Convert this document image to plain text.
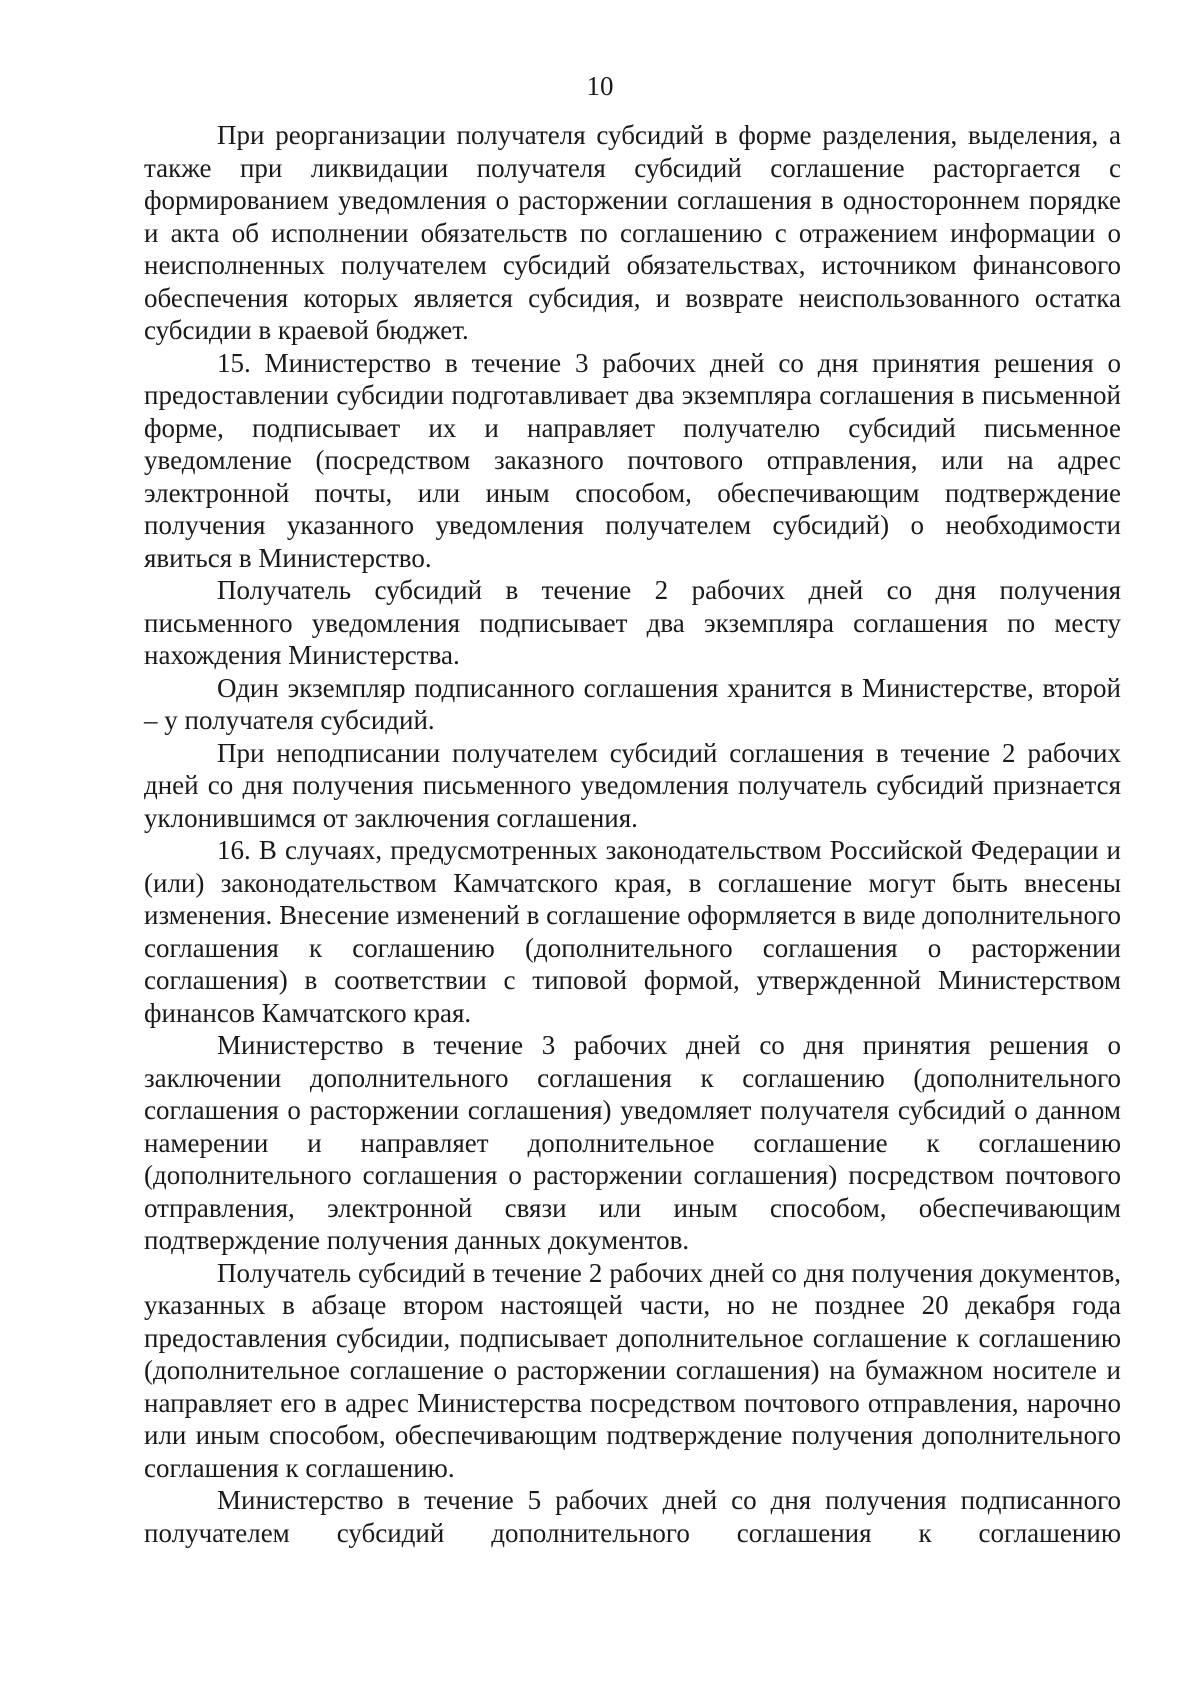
10

При реорганизации получателя субсидий в форме разделения, выделения, а также при ликвидации получателя субсидий соглашение расторгается с формированием уведомления о расторжении соглашения в одностороннем порядке и акта об исполнении обязательств по соглашению с отражением информации о неисполненных получателем субсидий обязательствах, источником финансового обеспечения которых является субсидия, и возврате неиспользованного остатка субсидии в краевой бюджет.

15. Министерство в течение 3 рабочих дней со дня принятия решения о предоставлении субсидии подготавливает два экземпляра соглашения в письменной форме, подписывает их и направляет получателю субсидий письменное уведомление (посредством заказного почтового отправления, или на адрес электронной почты, или иным способом, обеспечивающим подтверждение получения указанного уведомления получателем субсидий) о необходимости явиться в Министерство.

Получатель субсидий в течение 2 рабочих дней со дня получения письменного уведомления подписывает два экземпляра соглашения по месту нахождения Министерства.

Один экземпляр подписанного соглашения хранится в Министерстве, второй – у получателя субсидий.

При неподписании получателем субсидий соглашения в течение 2 рабочих дней со дня получения письменного уведомления получатель субсидий признается уклонившимся от заключения соглашения.

16. В случаях, предусмотренных законодательством Российской Федерации и (или) законодательством Камчатского края, в соглашение могут быть внесены изменения. Внесение изменений в соглашение оформляется в виде дополнительного соглашения к соглашению (дополнительного соглашения о расторжении соглашения) в соответствии с типовой формой, утвержденной Министерством финансов Камчатского края.

Министерство в течение 3 рабочих дней со дня принятия решения о заключении дополнительного соглашения к соглашению (дополнительного соглашения о расторжении соглашения) уведомляет получателя субсидий о данном намерении и направляет дополнительное соглашение к соглашению (дополнительного соглашения о расторжении соглашения) посредством почтового отправления, электронной связи или иным способом, обеспечивающим подтверждение получения данных документов.

Получатель субсидий в течение 2 рабочих дней со дня получения документов, указанных в абзаце втором настоящей части, но не позднее 20 декабря года предоставления субсидии, подписывает дополнительное соглашение к соглашению (дополнительное соглашение о расторжении соглашения) на бумажном носителе и направляет его в адрес Министерства посредством почтового отправления, нарочно или иным способом, обеспечивающим подтверждение получения дополнительного соглашения к соглашению.

Министерство в течение 5 рабочих дней со дня получения подписанного получателем субсидий дополнительного соглашения к соглашению
